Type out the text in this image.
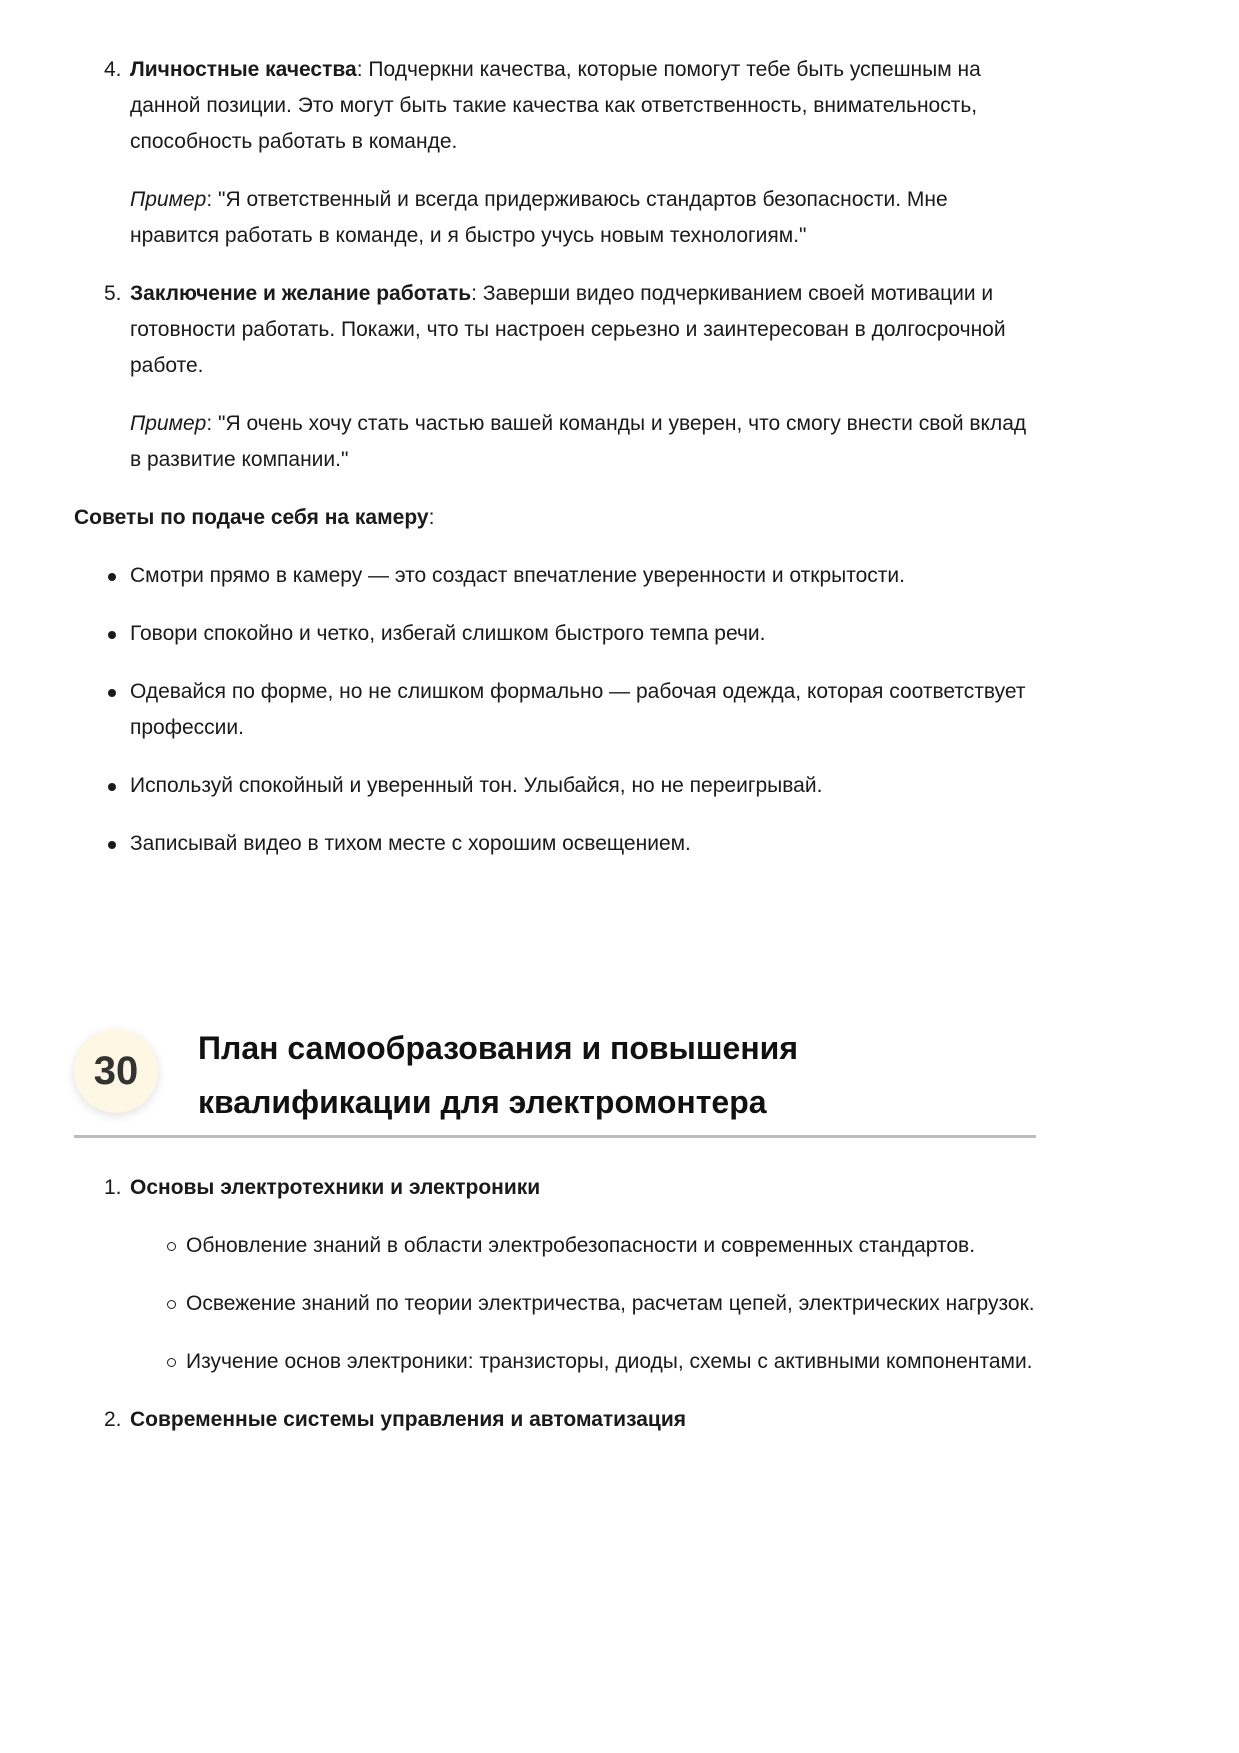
4. Личностные качества: Подчеркни качества, которые помогут тебе быть успешным на данной позиции. Это могут быть такие качества как ответственность, внимательность, способность работать в команде.

Пример: "Я ответственный и всегда придерживаюсь стандартов безопасности. Мне нравится работать в команде, и я быстро учусь новым технологиям."

5. Заключение и желание работать: Заверши видео подчеркиванием своей мотивации и готовности работать. Покажи, что ты настроен серьезно и заинтересован в долгосрочной работе.

Пример: "Я очень хочу стать частью вашей команды и уверен, что смогу внести свой вклад в развитие компании."

Советы по подаче себя на камеру:
Смотри прямо в камеру — это создаст впечатление уверенности и открытости.
Говори спокойно и четко, избегай слишком быстрого темпа речи.
Одевайся по форме, но не слишком формально — рабочая одежда, которая соответствует профессии.
Используй спокойный и уверенный тон. Улыбайся, но не переигрывай.
Записывай видео в тихом месте с хорошим освещением.
30
План самообразования и повышения
квалификации для электромонтера
1. Основы электротехники и электроники
Обновление знаний в области электробезопасности и современных стандартов.
Освежение знаний по теории электричества, расчетам цепей, электрических нагрузок.
Изучение основ электроники: транзисторы, диоды, схемы с активными компонентами.
2. Современные системы управления и автоматизация
